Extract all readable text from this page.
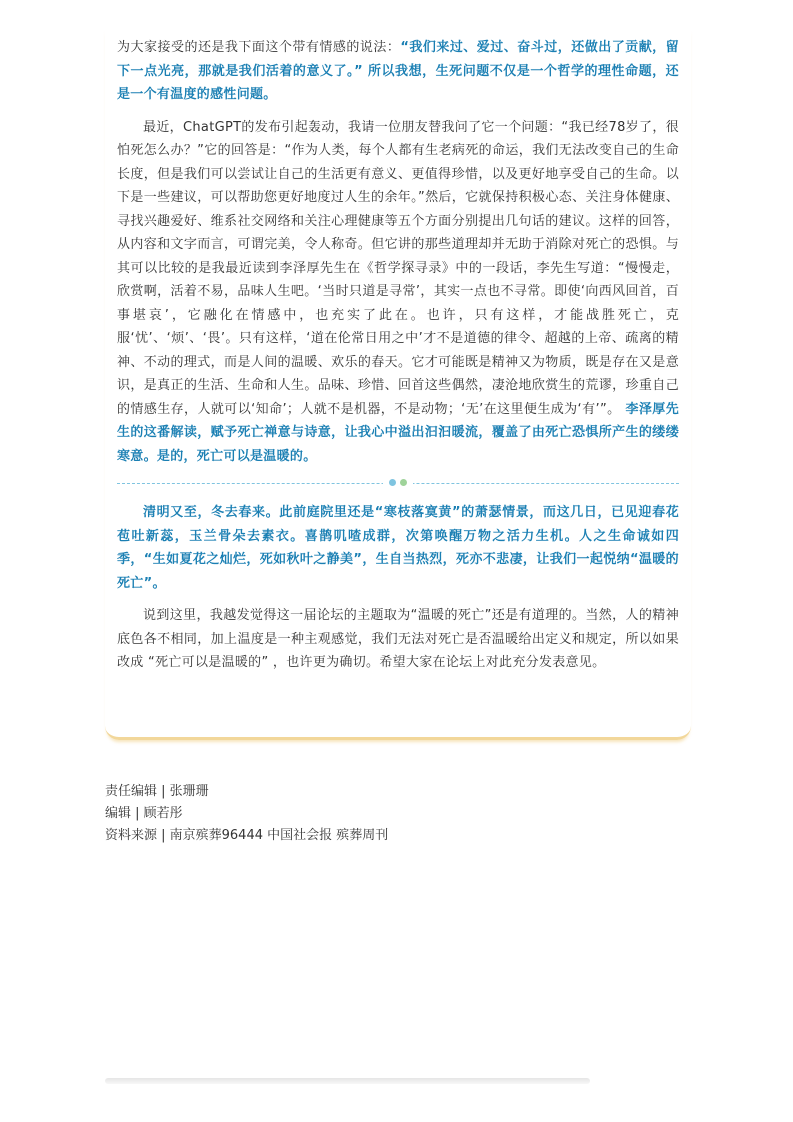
为大家接受的还是我下面这个带有情感的说法：“我们来过、爱过、奋斗过，还做出了贡献，留下一点光亮，那就是我们活着的意义了。” 所以我想，生死问题不仅是一个哲学的理性命题，还是一个有温度的感性问题。

最近，ChatGPT的发布引起轰动，我请一位朋友替我问了它一个问题：“我已经78岁了，很怕死怎么办？”它的回答是：“作为人类，每个人都有生老病死的命运，我们无法改变自己的生命长度，但是我们可以尝试让自己的生活更有意义、更值得珍惜，以及更好地享受自己的生命。以下是一些建议，可以帮助您更好地度过人生的余年。”然后，它就保持积极心态、关注身体健康、寻找兴趣爱好、维系社交网络和关注心理健康等五个方面分别提出几句话的建议。这样的回答，从内容和文字而言，可谓完美，令人称奇。但它讲的那些道理却并无助于消除对死亡的恐惧。与其可以比较的是我最近读到李泽厚先生在《哲学探寻录》中的一段话，李先生写道：“慢慢走，欣赏啊，活着不易，品味人生吧。‘当时只道是寻常’，其实一点也不寻常。即使‘向西风回首，百事堪哀’，它融化在情感中，也充实了此在。也许，只有这样，才能战胜死亡，克服‘忧’、‘烦’、‘畏’。只有这样，‘道在伦常日用之中’才不是道德的律令、超越的上帝、疏离的精神、不动的理式，而是人间的温暖、欢乐的春天。它才可能既是精神又为物质，既是存在又是意识，是真正的生活、生命和人生。品味、珍惜、回首这些偶然，凄沧地欣赏生的荒谬，珍重自己的情感生存，人就可以‘知命’；人就不是机器，不是动物；‘无’在这里便生成为‘有’”。 李泽厚先生的这番解读，赋予死亡禅意与诗意，让我心中溢出汩汩暖流，覆盖了由死亡恐惧所产生的缕缕寒意。是的，死亡可以是温暖的。

清明又至，冬去春来。此前庭院里还是“寒枝落寞黄”的萧瑟情景，而这几日，已见迎春花苞吐新蕊，玉兰骨朵去素衣。喜鹊叽喳成群，次第唤醒万物之活力生机。人之生命诚如四季，“生如夏花之灿烂，死如秋叶之静美”，生自当热烈，死亦不悲凄，让我们一起悦纳“温暖的死亡”。

说到这里，我越发觉得这一届论坛的主题取为“温暖的死亡”还是有道理的。当然，人的精神底色各不相同，加上温度是一种主观感觉，我们无法对死亡是否温暖给出定义和规定，所以如果改成 “死亡可以是温暖的” ，也许更为确切。希望大家在论坛上对此充分发表意见。

责任编辑 | 张珊珊
编辑 | 顾若彤
资料来源 | 南京殡葬96444 中国社会报 殡葬周刊
